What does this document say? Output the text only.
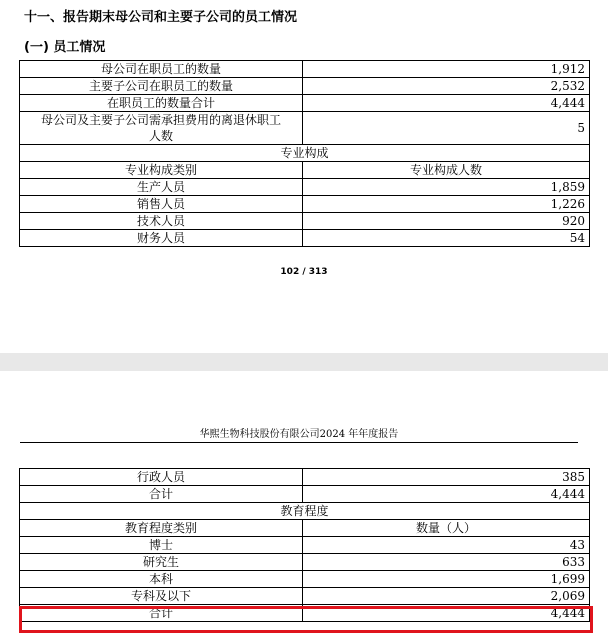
十一、报告期末母公司和主要子公司的员工情况
(一) 员工情况
母公司在职员工的数量	1,912
主要子公司在职员工的数量	2,532
在职员工的数量合计	4,444

母公司及主要子公司需承担费用的离退休职工
人数	5
专业构成	
专业构成类别	专业构成人数
生产人员	1,859
销售人员	1,226
技术人员	920
财务人员	54
102 / 313
华熙生物科技股份有限公司2024 年年度报告
行政人员	385
合计	4,444
教育程度	
教育程度类别	数量（人）
博士	43
研究生	633
本科	1,699
专科及以下	2,069
合计	4,444
